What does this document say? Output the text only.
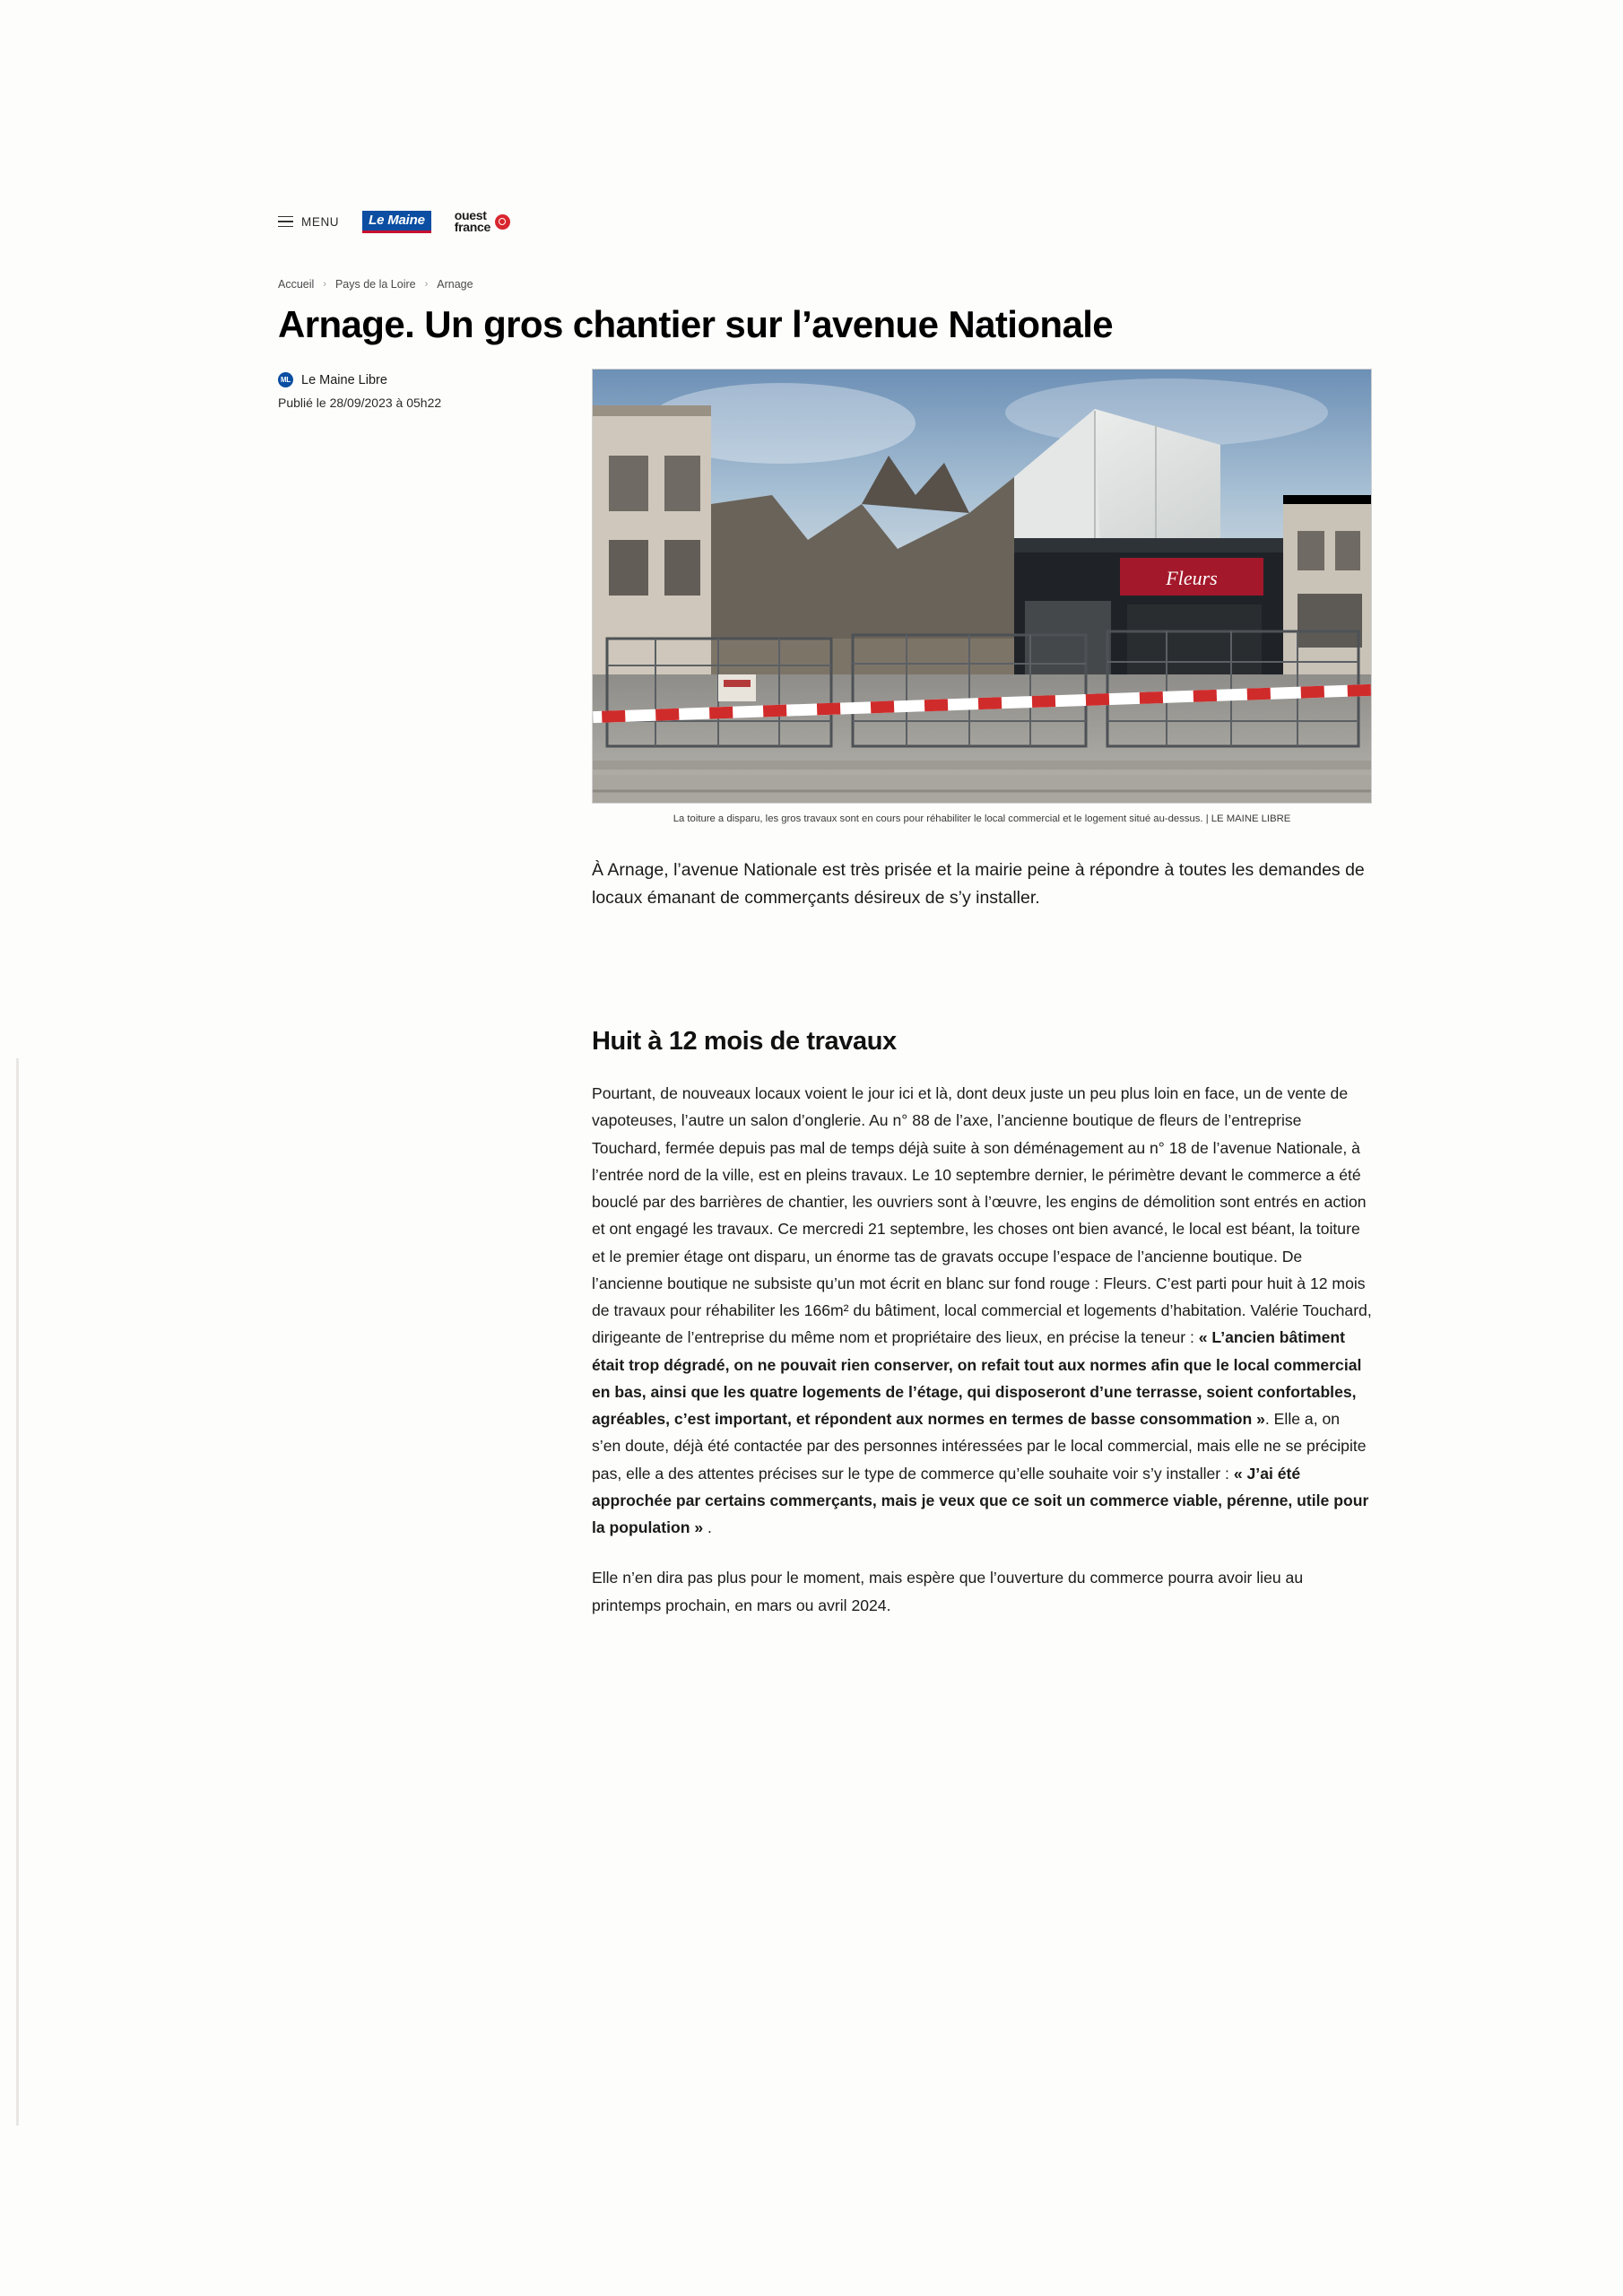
MENU	Le Maine	ouest
france
Accueil › Pays de la Loire › Arnage
Arnage. Un gros chantier sur l’avenue Nationale
ML Le Maine Libre
Publié le 28/09/2023 à 05h22
Fleurs
La toiture a disparu, les gros travaux sont en cours pour réhabiliter le local commercial et le logement situé au-dessus. | LE MAINE LIBRE

À Arnage, l’avenue Nationale est très prisée et la mairie peine à répondre à toutes les demandes de locaux émanant de commerçants désireux de s’y installer.

Huit à 12 mois de travaux

Pourtant, de nouveaux locaux voient le jour ici et là, dont deux juste un peu plus loin en face, un de vente de vapoteuses, l’autre un salon d’onglerie. Au n° 88 de l’axe, l’ancienne boutique de fleurs de l’entreprise Touchard, fermée depuis pas mal de temps déjà suite à son déménagement au n° 18 de l’avenue Nationale, à l’entrée nord de la ville, est en pleins travaux. Le 10 septembre dernier, le périmètre devant le commerce a été bouclé par des barrières de chantier, les ouvriers sont à l’œuvre, les engins de démolition sont entrés en action et ont engagé les travaux. Ce mercredi 21 septembre, les choses ont bien avancé, le local est béant, la toiture et le premier étage ont disparu, un énorme tas de gravats occupe l’espace de l’ancienne boutique. De l’ancienne boutique ne subsiste qu’un mot écrit en blanc sur fond rouge : Fleurs. C’est parti pour huit à 12 mois de travaux pour réhabiliter les 166m² du bâtiment, local commercial et logements d’habitation. Valérie Touchard, dirigeante de l’entreprise du même nom et propriétaire des lieux, en précise la teneur : « L’ancien bâtiment était trop dégradé, on ne pouvait rien conserver, on refait tout aux normes afin que le local commercial en bas, ainsi que les quatre logements de l’étage, qui disposeront d’une terrasse, soient confortables, agréables, c’est important, et répondent aux normes en termes de basse consommation ». Elle a, on s’en doute, déjà été contactée par des personnes intéressées par le local commercial, mais elle ne se précipite pas, elle a des attentes précises sur le type de commerce qu’elle souhaite voir s’y installer : « J’ai été approchée par certains commerçants, mais je veux que ce soit un commerce viable, pérenne, utile pour la population » .

Elle n’en dira pas plus pour le moment, mais espère que l’ouverture du commerce pourra avoir lieu au printemps prochain, en mars ou avril 2024.
